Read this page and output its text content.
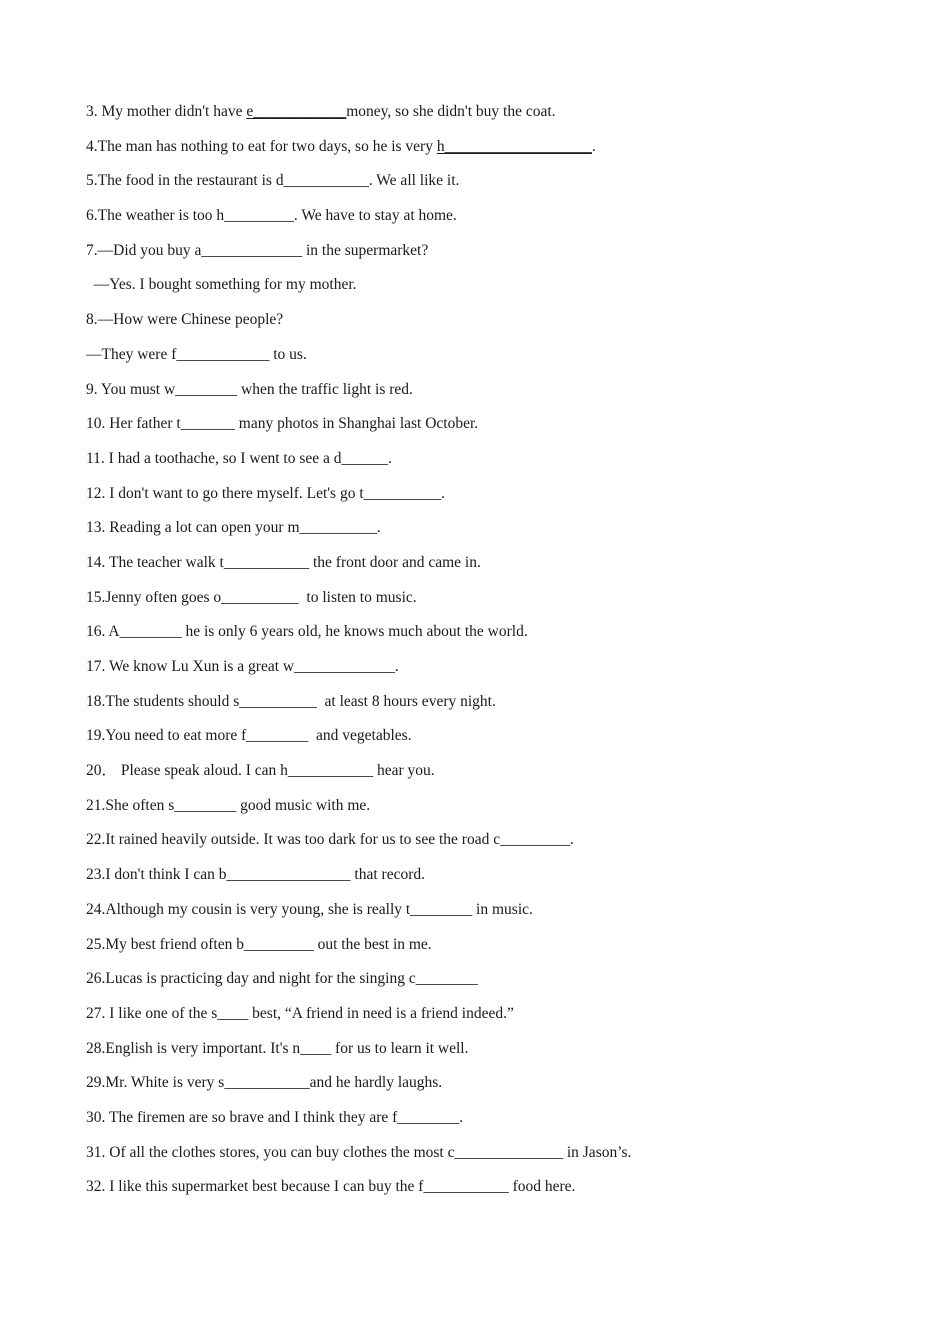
3. My mother didn't have e____________money, so she didn't buy the coat.
4.The man has nothing to eat for two days, so he is very h___________________.
5.The food in the restaurant is d___________. We all like it.
6.The weather is too h_________. We have to stay at home.
7.—Did you buy a_____________ in the supermarket?
—Yes. I bought something for my mother.
8.—How were Chinese people?
—They were f____________ to us.
9. You must w________ when the traffic light is red.
10. Her father t_______ many photos in Shanghai last October.
11. I had a toothache, so I went to see a d______.
12. I don't want to go there myself. Let's go t__________.
13. Reading a lot can open your m__________.
14. The teacher walk t___________ the front door and came in.
15.Jenny often goes o__________  to listen to music.
16. A________ he is only 6 years old, he knows much about the world.
17. We know Lu Xun is a great w_____________.
18.The students should s__________  at least 8 hours every night.
19.You need to eat more f________  and vegetables.
20． Please speak aloud. I can h___________ hear you.
21.She often s________ good music with me.
22.It rained heavily outside. It was too dark for us to see the road c_________.
23.I don't think I can b________________ that record.
24.Although my cousin is very young, she is really t________ in music.
25.My best friend often b_________ out the best in me.
26.Lucas is practicing day and night for the singing c________
27. I like one of the s____ best, “A friend in need is a friend indeed.”
28.English is very important. It's n____ for us to learn it well.
29.Mr. White is very s___________and he hardly laughs.
30. The firemen are so brave and I think they are f________.
31. Of all the clothes stores, you can buy clothes the most c______________ in Jason’s.
32. I like this supermarket best because I can buy the f___________ food here.
